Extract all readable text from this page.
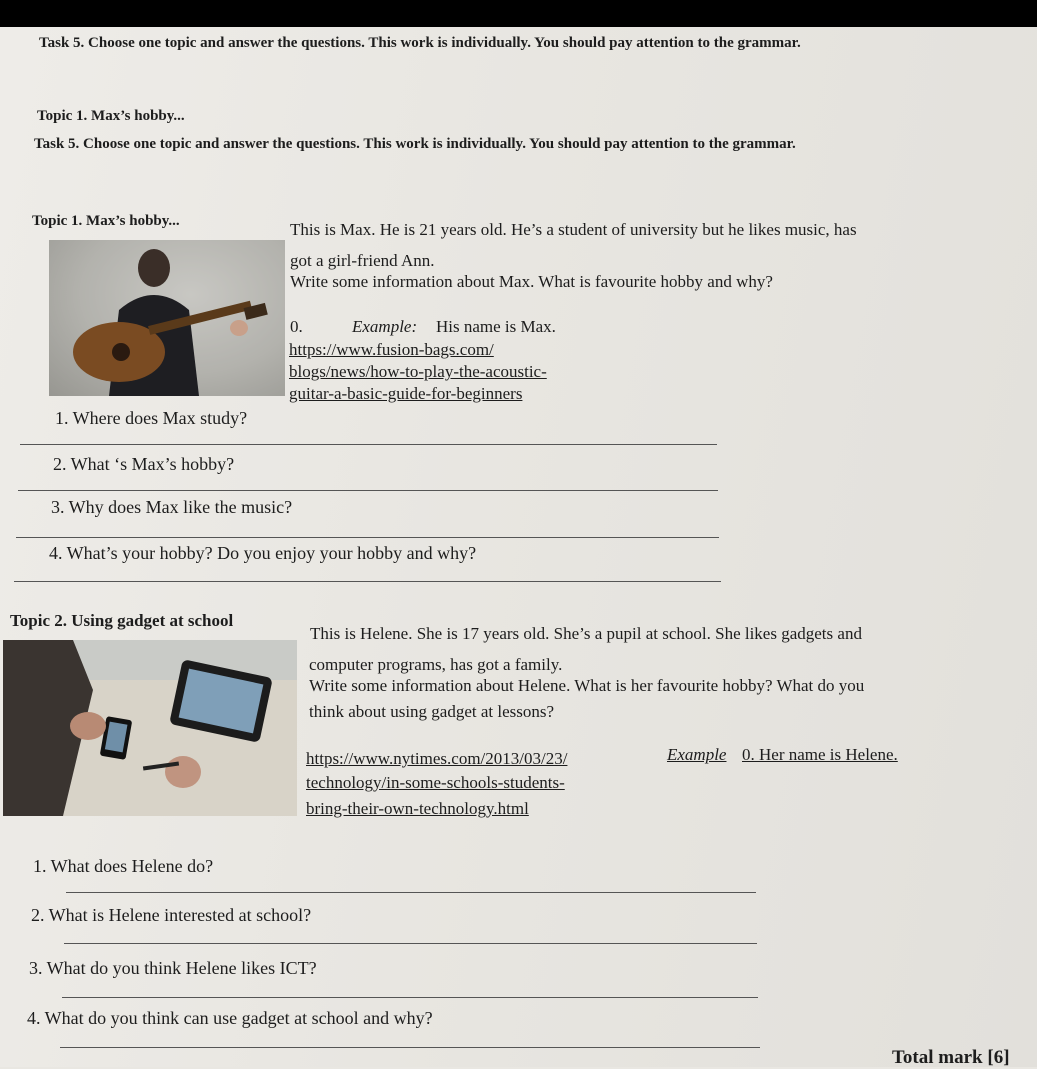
Task 5. Choose one topic and answer the questions. This work is individually. You should pay attention to the grammar.
Topic 1. Max’s hobby...
Task 5. Choose one topic and answer the questions. This work is individually. You should pay attention to the grammar.
Topic 1. Max’s hobby...	This is Max. He is 21 years old. He’s a student of university but he likes music, has
got a girl-friend Ann.
Write some information about Max. What is favourite hobby and why?
0.	Example: His name is Max.
https://www.fusion-bags.com/
blogs/news/how-to-play-the-acoustic-
guitar-a-basic-guide-for-beginners
1. Where does Max study?
2. What ‘s Max’s hobby?
3. Why does Max like the music?
4. What’s your hobby? Do you enjoy your hobby and why?
Topic 2. Using gadget at school
This is Helene. She is 17 years old. She’s a pupil at school. She likes gadgets and
computer programs, has got a family.
Write some information about Helene. What is her favourite hobby? What do you
think about using gadget at lessons?
https://www.nytimes.com/2013/03/23/
technology/in-some-schools-students-
bring-their-own-technology.html
Example 0. Her name is Helene.
1. What does Helene do?
2. What is Helene interested at school?
3. What do you think Helene likes ICT?
4. What do you think can use gadget at school and why?
Total mark [6]
